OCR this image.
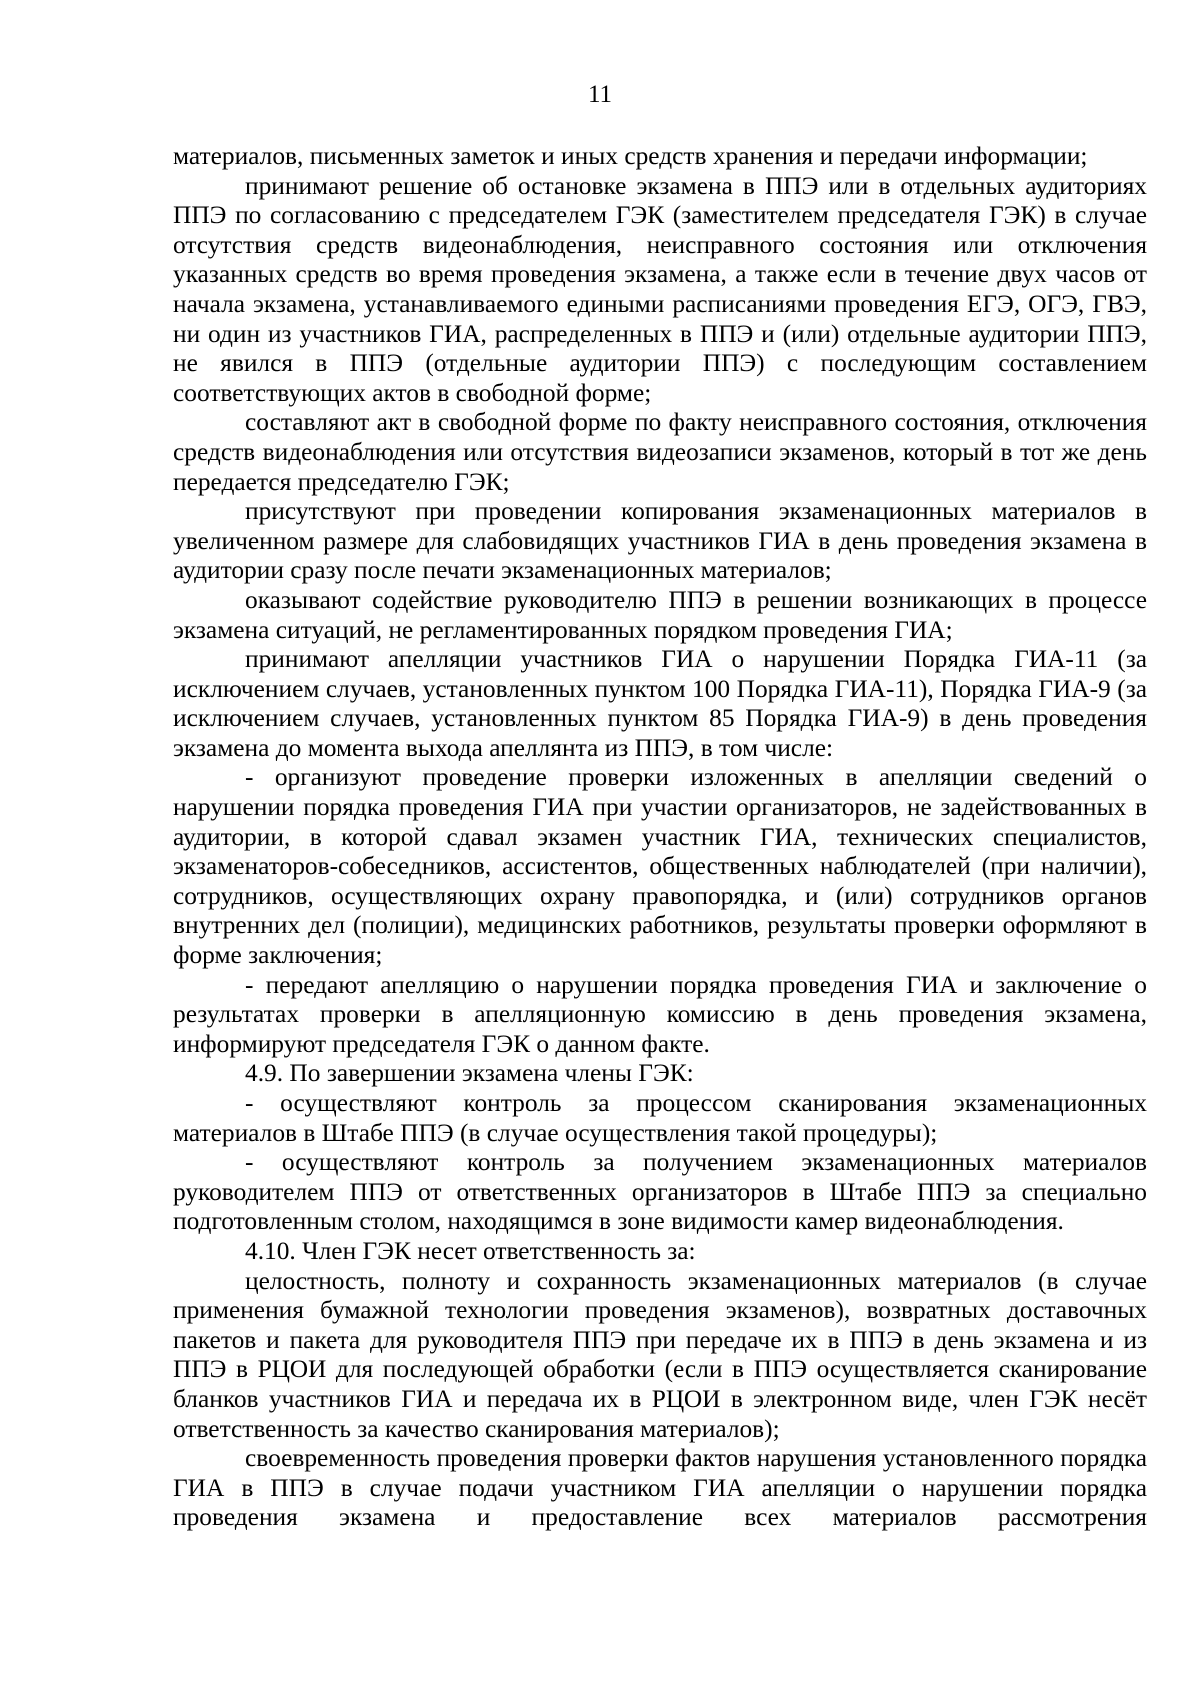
11

материалов, письменных заметок и иных средств хранения и передачи информации;

принимают решение об остановке экзамена в ППЭ или в отдельных аудиториях ППЭ по согласованию с председателем ГЭК (заместителем председателя ГЭК) в случае отсутствия средств видеонаблюдения, неисправного состояния или отключения указанных средств во время проведения экзамена, а также если в течение двух часов от начала экзамена, устанавливаемого едиными расписаниями проведения ЕГЭ, ОГЭ, ГВЭ, ни один из участников ГИА, распределенных в ППЭ и (или) отдельные аудитории ППЭ, не явился в ППЭ (отдельные аудитории ППЭ) с последующим составлением соответствующих актов в свободной форме;

составляют акт в свободной форме по факту неисправного состояния, отключения средств видеонаблюдения или отсутствия видеозаписи экзаменов, который в тот же день передается председателю ГЭК;

присутствуют при проведении копирования экзаменационных материалов в увеличенном размере для слабовидящих участников ГИА в день проведения экзамена в аудитории сразу после печати экзаменационных материалов;

оказывают содействие руководителю ППЭ в решении возникающих в процессе экзамена ситуаций, не регламентированных порядком проведения ГИА;

принимают апелляции участников ГИА о нарушении Порядка ГИА-11 (за исключением случаев, установленных пунктом 100 Порядка ГИА-11), Порядка ГИА-9 (за исключением случаев, установленных пунктом 85 Порядка ГИА-9) в день проведения экзамена до момента выхода апеллянта из ППЭ, в том числе:

- организуют проведение проверки изложенных в апелляции сведений о нарушении порядка проведения ГИА при участии организаторов, не задействованных в аудитории, в которой сдавал экзамен участник ГИА, технических специалистов, экзаменаторов-собеседников, ассистентов, общественных наблюдателей (при наличии), сотрудников, осуществляющих охрану правопорядка, и (или) сотрудников органов внутренних дел (полиции), медицинских работников, результаты проверки оформляют в форме заключения;

- передают апелляцию о нарушении порядка проведения ГИА и заключение о результатах проверки в апелляционную комиссию в день проведения экзамена, информируют председателя ГЭК о данном факте.

4.9. По завершении экзамена члены ГЭК:

- осуществляют контроль за процессом сканирования экзаменационных материалов в Штабе ППЭ (в случае осуществления такой процедуры);

- осуществляют контроль за получением экзаменационных материалов руководителем ППЭ от ответственных организаторов в Штабе ППЭ за специально подготовленным столом, находящимся в зоне видимости камер видеонаблюдения.

4.10. Член ГЭК несет ответственность за:

целостность, полноту и сохранность экзаменационных материалов (в случае применения бумажной технологии проведения экзаменов), возвратных доставочных пакетов и пакета для руководителя ППЭ при передаче их в ППЭ в день экзамена и из ППЭ в РЦОИ для последующей обработки (если в ППЭ осуществляется сканирование бланков участников ГИА и передача их в РЦОИ в электронном виде, член ГЭК несёт ответственность за качество сканирования материалов);

своевременность проведения проверки фактов нарушения установленного порядка ГИА в ППЭ в случае подачи участником ГИА апелляции о нарушении порядка проведения экзамена и предоставление всех материалов рассмотрения
